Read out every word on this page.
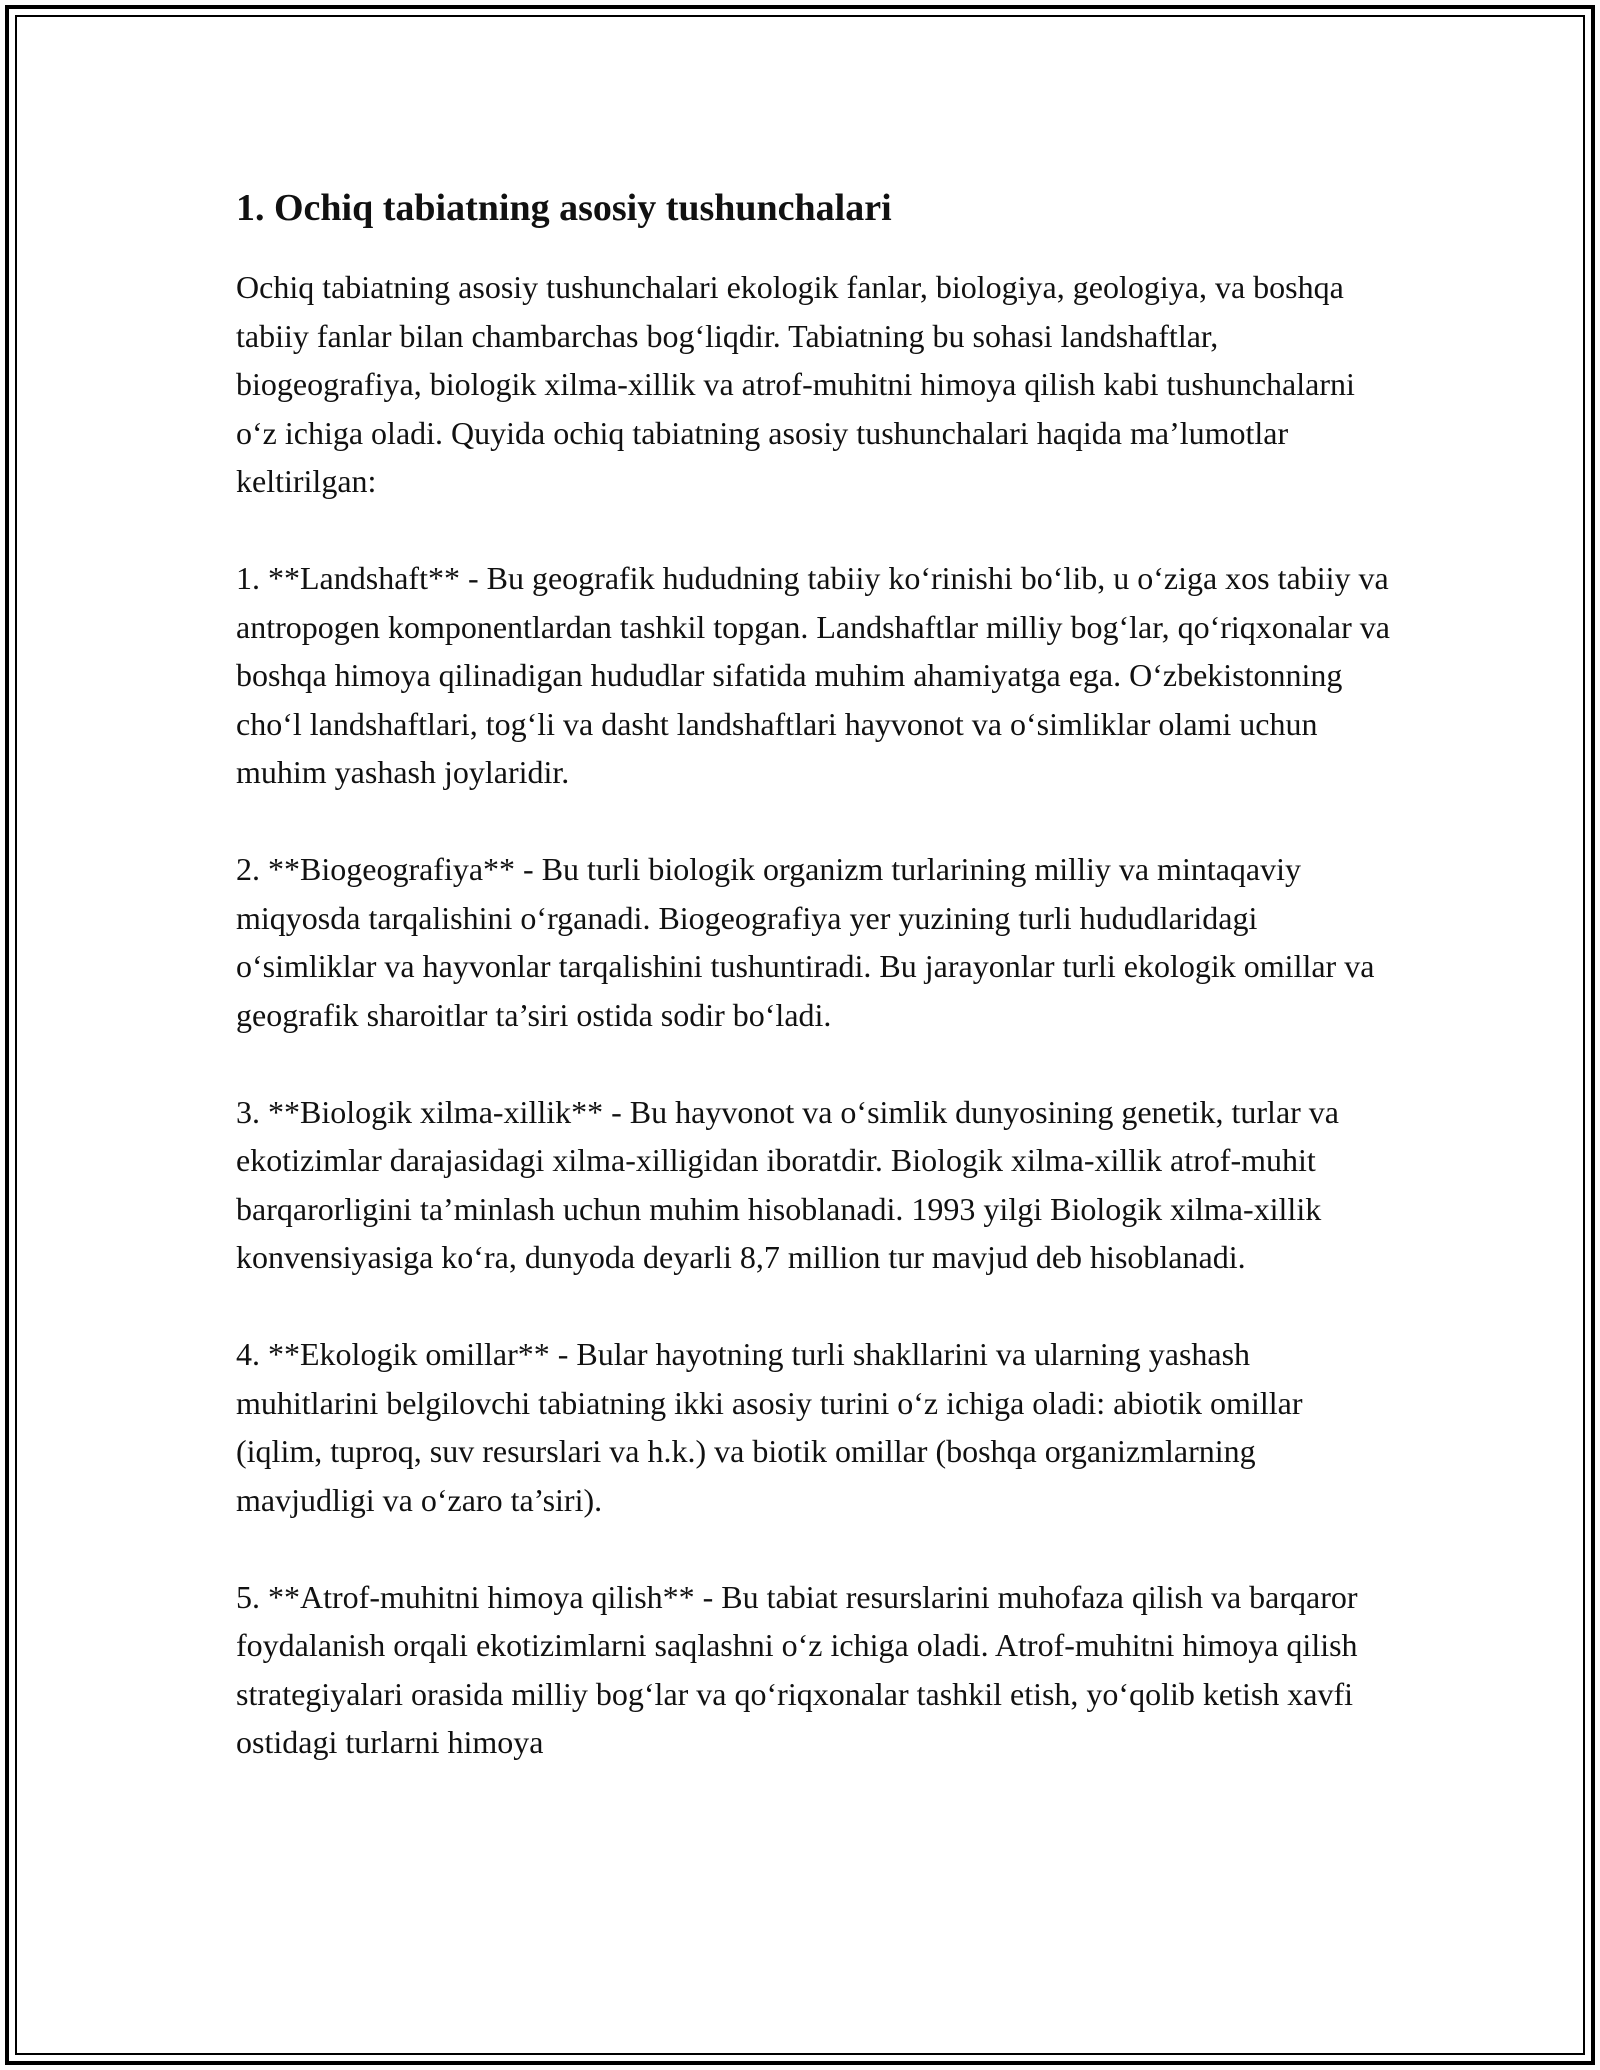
1. Ochiq tabiatning asosiy tushunchalari

Ochiq tabiatning asosiy tushunchalari ekologik fanlar, biologiya, geologiya, va boshqa tabiiy fanlar bilan chambarchas bog‘liqdir. Tabiatning bu sohasi landshaftlar, biogeografiya, biologik xilma-xillik va atrof-muhitni himoya qilish kabi tushunchalarni o‘z ichiga oladi. Quyida ochiq tabiatning asosiy tushunchalari haqida ma’lumotlar keltirilgan:

1. **Landshaft** - Bu geografik hududning tabiiy ko‘rinishi bo‘lib, u o‘ziga xos tabiiy va antropogen komponentlardan tashkil topgan. Landshaftlar milliy bog‘lar, qo‘riqxonalar va boshqa himoya qilinadigan hududlar sifatida muhim ahamiyatga ega. O‘zbekistonning cho‘l landshaftlari, tog‘li va dasht landshaftlari hayvonot va o‘simliklar olami uchun muhim yashash joylaridir.

2. **Biogeografiya** - Bu turli biologik organizm turlarining milliy va mintaqaviy miqyosda tarqalishini o‘rganadi. Biogeografiya yer yuzining turli hududlaridagi o‘simliklar va hayvonlar tarqalishini tushuntiradi. Bu jarayonlar turli ekologik omillar va geografik sharoitlar ta’siri ostida sodir bo‘ladi.

3. **Biologik xilma-xillik** - Bu hayvonot va o‘simlik dunyosining genetik, turlar va ekotizimlar darajasidagi xilma-xilligidan iboratdir. Biologik xilma-xillik atrof-muhit barqarorligini ta’minlash uchun muhim hisoblanadi. 1993 yilgi Biologik xilma-xillik konvensiyasiga ko‘ra, dunyoda deyarli 8,7 million tur mavjud deb hisoblanadi.

4. **Ekologik omillar** - Bular hayotning turli shakllarini va ularning yashash muhitlarini belgilovchi tabiatning ikki asosiy turini o‘z ichiga oladi: abiotik omillar (iqlim, tuproq, suv resurslari va h.k.) va biotik omillar (boshqa organizmlarning mavjudligi va o‘zaro ta’siri).

5. **Atrof-muhitni himoya qilish** - Bu tabiat resurslarini muhofaza qilish va barqaror foydalanish orqali ekotizimlarni saqlashni o‘z ichiga oladi. Atrof-muhitni himoya qilish strategiyalari orasida milliy bog‘lar va qo‘riqxonalar tashkil etish, yo‘qolib ketish xavfi ostidagi turlarni himoya
